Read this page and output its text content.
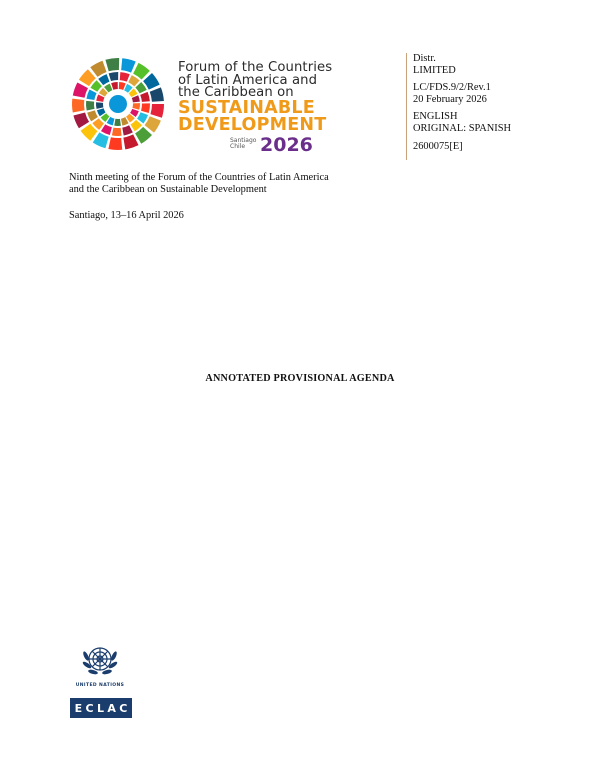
Forum of the Countries
of Latin America and
the Caribbean on
SUSTAINABLE
DEVELOPMENT
Santiago
Chile 2026
Distr.
LIMITED
LC/FDS.9/2/Rev.1
20 February 2026
ENGLISH
ORIGINAL: SPANISH
2600075[E]
Ninth meeting of the Forum of the Countries of Latin America
and the Caribbean on Sustainable Development
Santiago, 13–16 April 2026
ANNOTATED PROVISIONAL AGENDA
UNITED NATIONS
E C L A C
